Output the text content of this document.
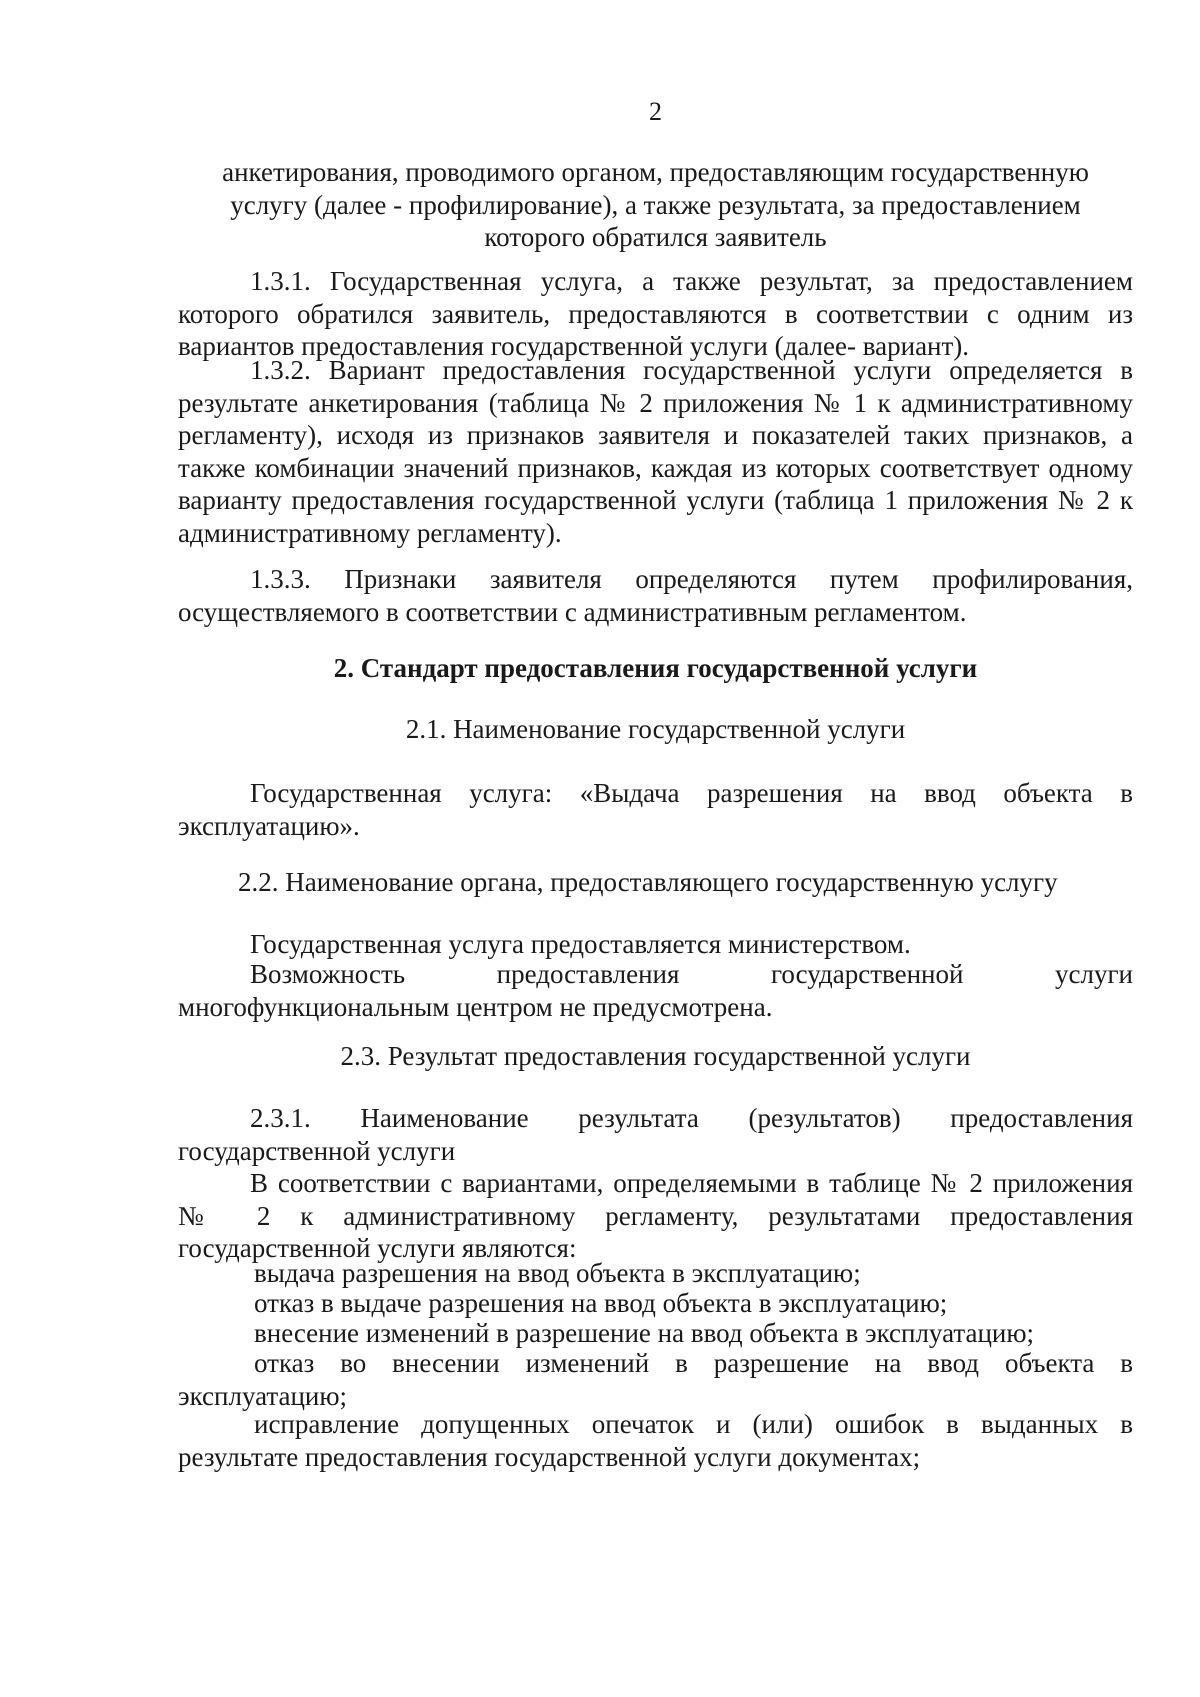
2
анкетирования, проводимого органом, предоставляющим государственную
услугу (далее - профилирование), а также результата, за предоставлением
которого обратился заявитель

1.3.1. Государственная услуга, а также результат, за предоставлением которого обратился заявитель, предоставляются в соответствии с одним из вариантов предоставления государственной услуги (далее- вариант).

1.3.2. Вариант предоставления государственной услуги определяется в результате анкетирования (таблица № 2 приложения № 1 к административному регламенту), исходя из признаков заявителя и показателей таких признаков, а также комбинации значений признаков, каждая из которых соответствует одному варианту предоставления государственной услуги (таблица 1 приложения № 2 к административному регламенту).

1.3.3. Признаки заявителя определяются путем профилирования, осуществляемого в соответствии с административным регламентом.

2. Стандарт предоставления государственной услуги
2.1. Наименование государственной услуги

Государственная услуга: «Выдача разрешения на ввод объекта в эксплуатацию».

2.2. Наименование органа, предоставляющего государственную услугу

Государственная услуга предоставляется министерством.

Возможность предоставления государственной услуги многофункциональным центром не предусмотрена.

2.3. Результат предоставления государственной услуги

2.3.1. Наименование результата (результатов) предоставления государственной услуги

В соответствии с вариантами, определяемыми в таблице № 2 приложения № 2 к административному регламенту, результатами предоставления государственной услуги являются:

выдача разрешения на ввод объекта в эксплуатацию;
отказ в выдаче разрешения на ввод объекта в эксплуатацию;
внесение изменений в разрешение на ввод объекта в эксплуатацию;

отказ во внесении изменений в разрешение на ввод объекта в эксплуатацию;

исправление допущенных опечаток и (или) ошибок в выданных в результате предоставления государственной услуги документах;
